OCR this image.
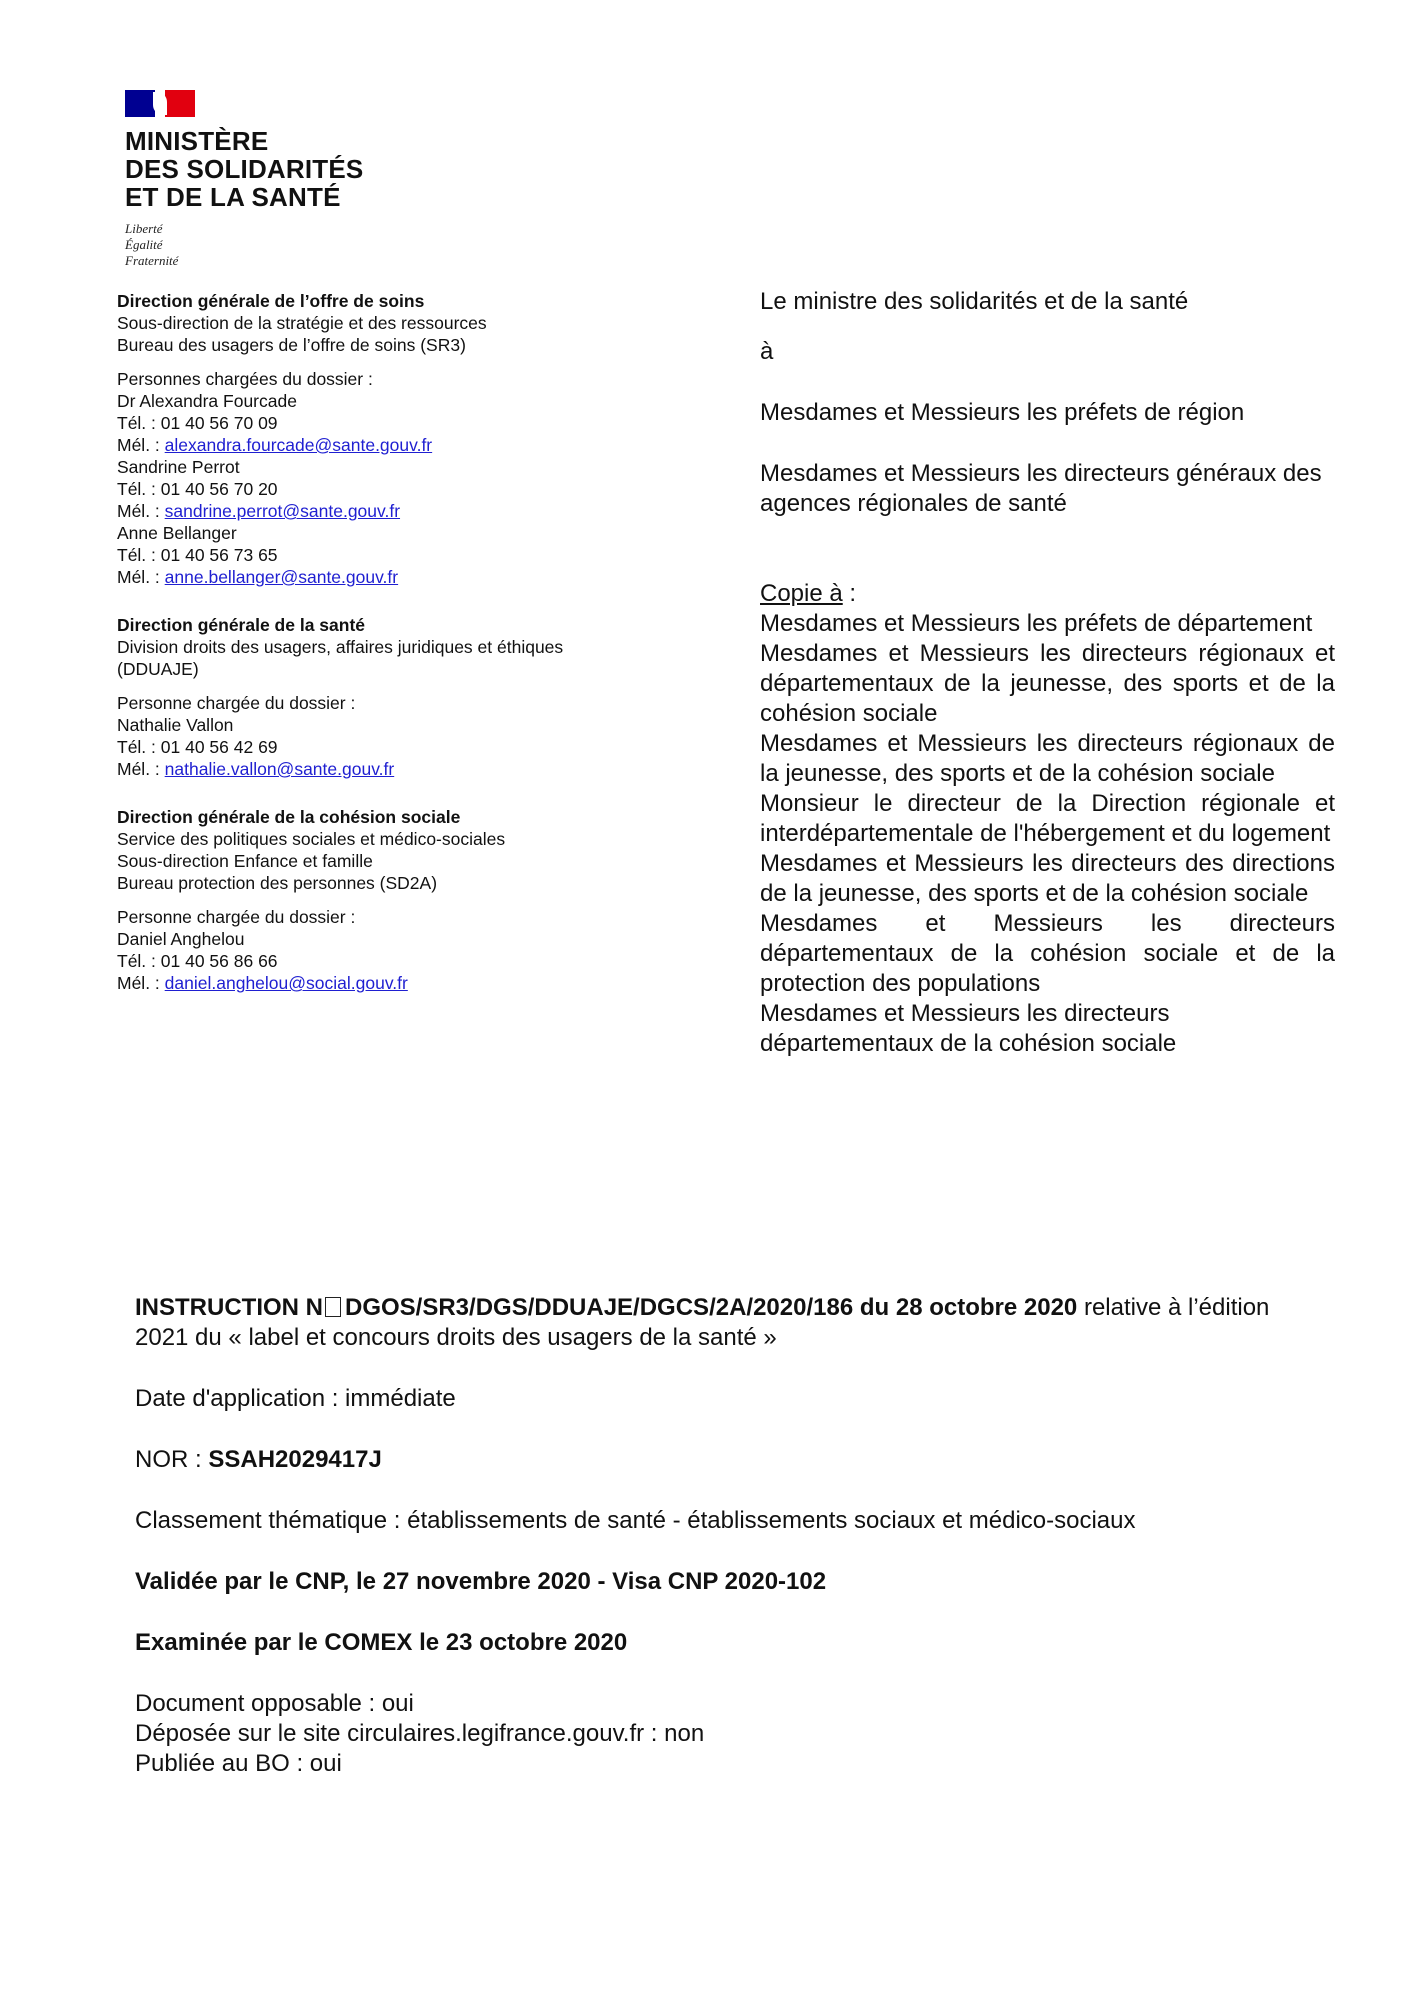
MINISTÈRE
DES SOLIDARITÉS
ET DE LA SANTÉ
Liberté
Égalité
Fraternité
Direction générale de l’offre de soins
Sous-direction de la stratégie et des ressources
Bureau des usagers de l’offre de soins (SR3)
Personnes chargées du dossier :
Dr Alexandra Fourcade
Tél. : 01 40 56 70 09
Mél. : alexandra.fourcade@sante.gouv.fr
Sandrine Perrot
Tél. : 01 40 56 70 20
Mél. : sandrine.perrot@sante.gouv.fr
Anne Bellanger
Tél. : 01 40 56 73 65
Mél. : anne.bellanger@sante.gouv.fr
Direction générale de la santé
Division droits des usagers, affaires juridiques et éthiques
(DDUAJE)
Personne chargée du dossier :
Nathalie Vallon
Tél. : 01 40 56 42 69
Mél. : nathalie.vallon@sante.gouv.fr
Direction générale de la cohésion sociale
Service des politiques sociales et médico-sociales
Sous-direction Enfance et famille
Bureau protection des personnes (SD2A)
Personne chargée du dossier :
Daniel Anghelou
Tél. : 01 40 56 86 66
Mél. : daniel.anghelou@social.gouv.fr

Le ministre des solidarités et de la santé

à

Mesdames et Messieurs les préfets de région

Mesdames et Messieurs les directeurs généraux des agences régionales de santé

Copie à :

Mesdames et Messieurs les préfets de département

Mesdames et Messieurs les directeurs régionaux et départementaux de la jeunesse, des sports et de la cohésion sociale

Mesdames et Messieurs les directeurs régionaux de la jeunesse, des sports et de la cohésion sociale

Monsieur le directeur de la Direction régionale et interdépartementale de l'hébergement et du logement

Mesdames et Messieurs les directeurs des directions de la jeunesse, des sports et de la cohésion sociale

Mesdames et Messieurs les directeurs départementaux de la cohésion sociale et de la protection des populations

Mesdames et Messieurs les directeurs départementaux de la cohésion sociale

INSTRUCTION N DGOS/SR3/DGS/DDUAJE/DGCS/2A/2020/186 du 28 octobre 2020 relative à l’édition 2021 du « label et concours droits des usagers de la santé »

Date d'application : immédiate

NOR : SSAH2029417J

Classement thématique : établissements de santé - établissements sociaux et médico-sociaux

Validée par le CNP, le 27 novembre 2020 - Visa CNP 2020-102

Examinée par le COMEX le 23 octobre 2020

Document opposable : oui

Déposée sur le site circulaires.legifrance.gouv.fr : non

Publiée au BO : oui
